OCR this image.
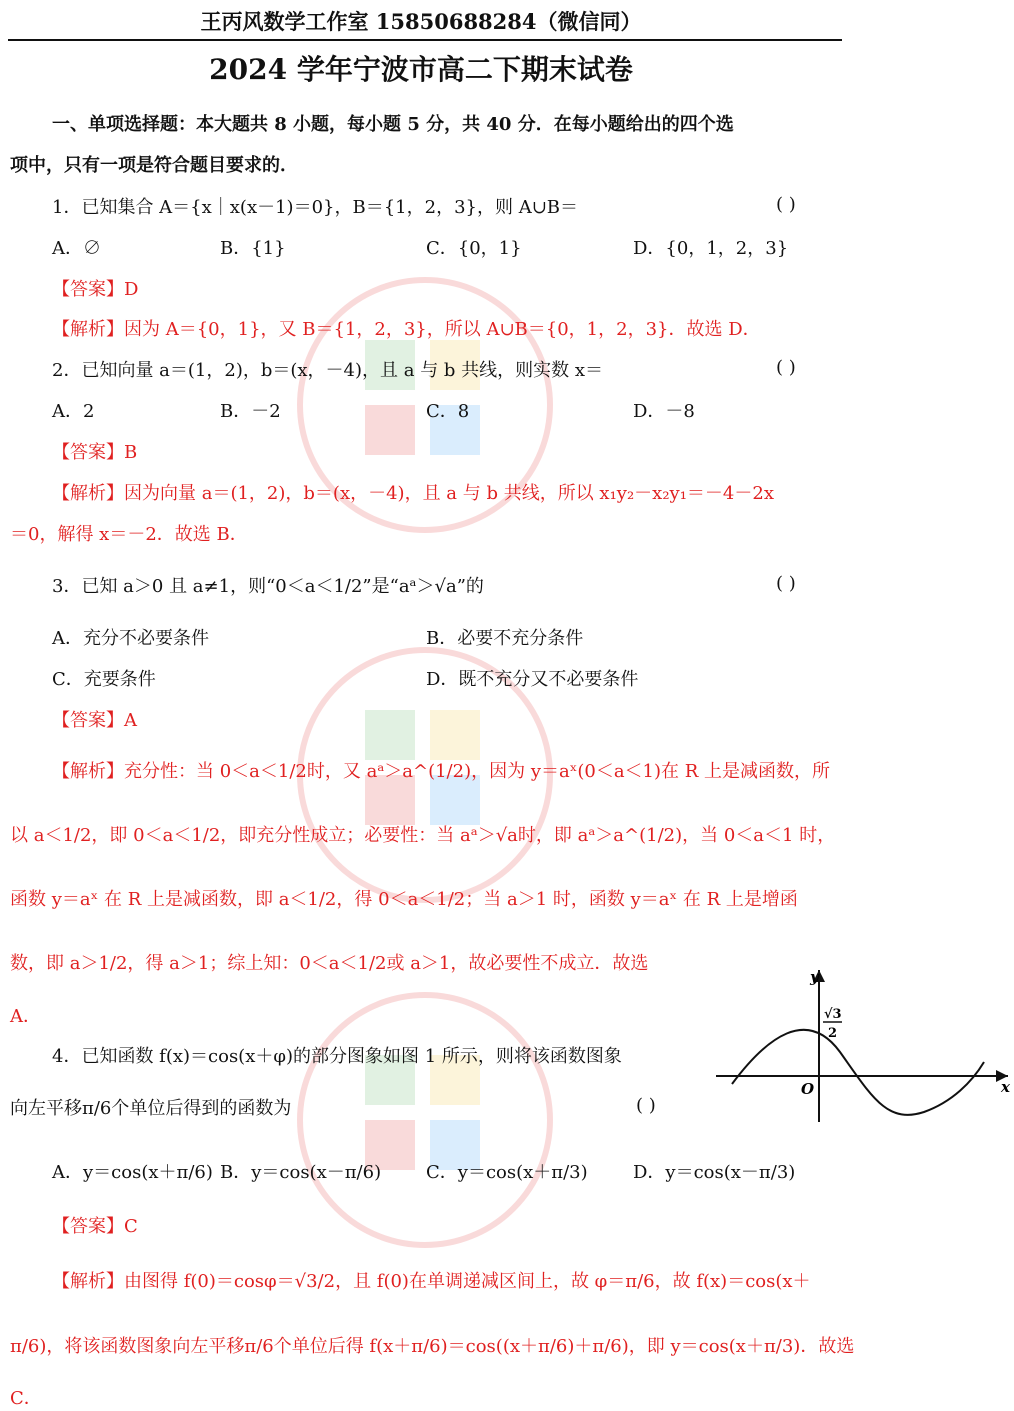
王丙风数学工作室 15850688284（微信同）
2024 学年宁波市高二下期末试卷
一、单项选择题：本大题共 8 小题，每小题 5 分，共 40 分．在每小题给出的四个选
项中，只有一项是符合题目要求的．
1．已知集合 A＝{x｜x(x－1)＝0}，B＝{1，2，3}，则 A∪B＝	( )
A．∅	B．{1}	C．{0，1}	D．{0，1，2，3}
【答案】D
【解析】因为 A＝{0，1}，又 B＝{1，2，3}，所以 A∪B＝{0，1，2，3}．故选 D．
2．已知向量 a＝(1，2)，b＝(x，－4)，且 a 与 b 共线，则实数 x＝	( )
A．2	B．－2	C．8	D．－8
【答案】B
【解析】因为向量 a＝(1，2)，b＝(x，－4)，且 a 与 b 共线，所以 x₁y₂－x₂y₁＝－4－2x
＝0，解得 x＝－2．故选 B．
3．已知 a＞0 且 a≠1，则“0＜a＜1/2”是“aᵃ＞√a”的	( )
A．充分不必要条件	B．必要不充分条件
C．充要条件	D．既不充分又不必要条件
【答案】A
【解析】充分性：当 0＜a＜1/2时，又 aᵃ＞a^(1/2)，因为 y＝aˣ(0＜a＜1)在 R 上是减函数，所
以 a＜1/2，即 0＜a＜1/2，即充分性成立；必要性：当 aᵃ＞√a时，即 aᵃ＞a^(1/2)，当 0＜a＜1 时，
函数 y＝aˣ 在 R 上是减函数，即 a＜1/2，得 0＜a＜1/2；当 a＞1 时，函数 y＝aˣ 在 R 上是增函
数，即 a＞1/2，得 a＞1；综上知：0＜a＜1/2或 a＞1，故必要性不成立．故选
A．
4．已知函数 f(x)＝cos(x＋φ)的部分图象如图 1 所示，则将该函数图象
向左平移π/6个单位后得到的函数为	( )
A．y＝cos(x＋π/6) B．y＝cos(x－π/6) C．y＝cos(x＋π/3)	D．y＝cos(x－π/3)
【答案】C
【解析】由图得 f(0)＝cosφ＝√3/2，且 f(0)在单调递减区间上，故 φ＝π/6，故 f(x)＝cos(x＋
π/6)，将该函数图象向左平移π/6个单位后得 f(x＋π/6)＝cos((x＋π/6)＋π/6)，即 y＝cos(x＋π/3)．故选
C．
y
x
O
√3
2
